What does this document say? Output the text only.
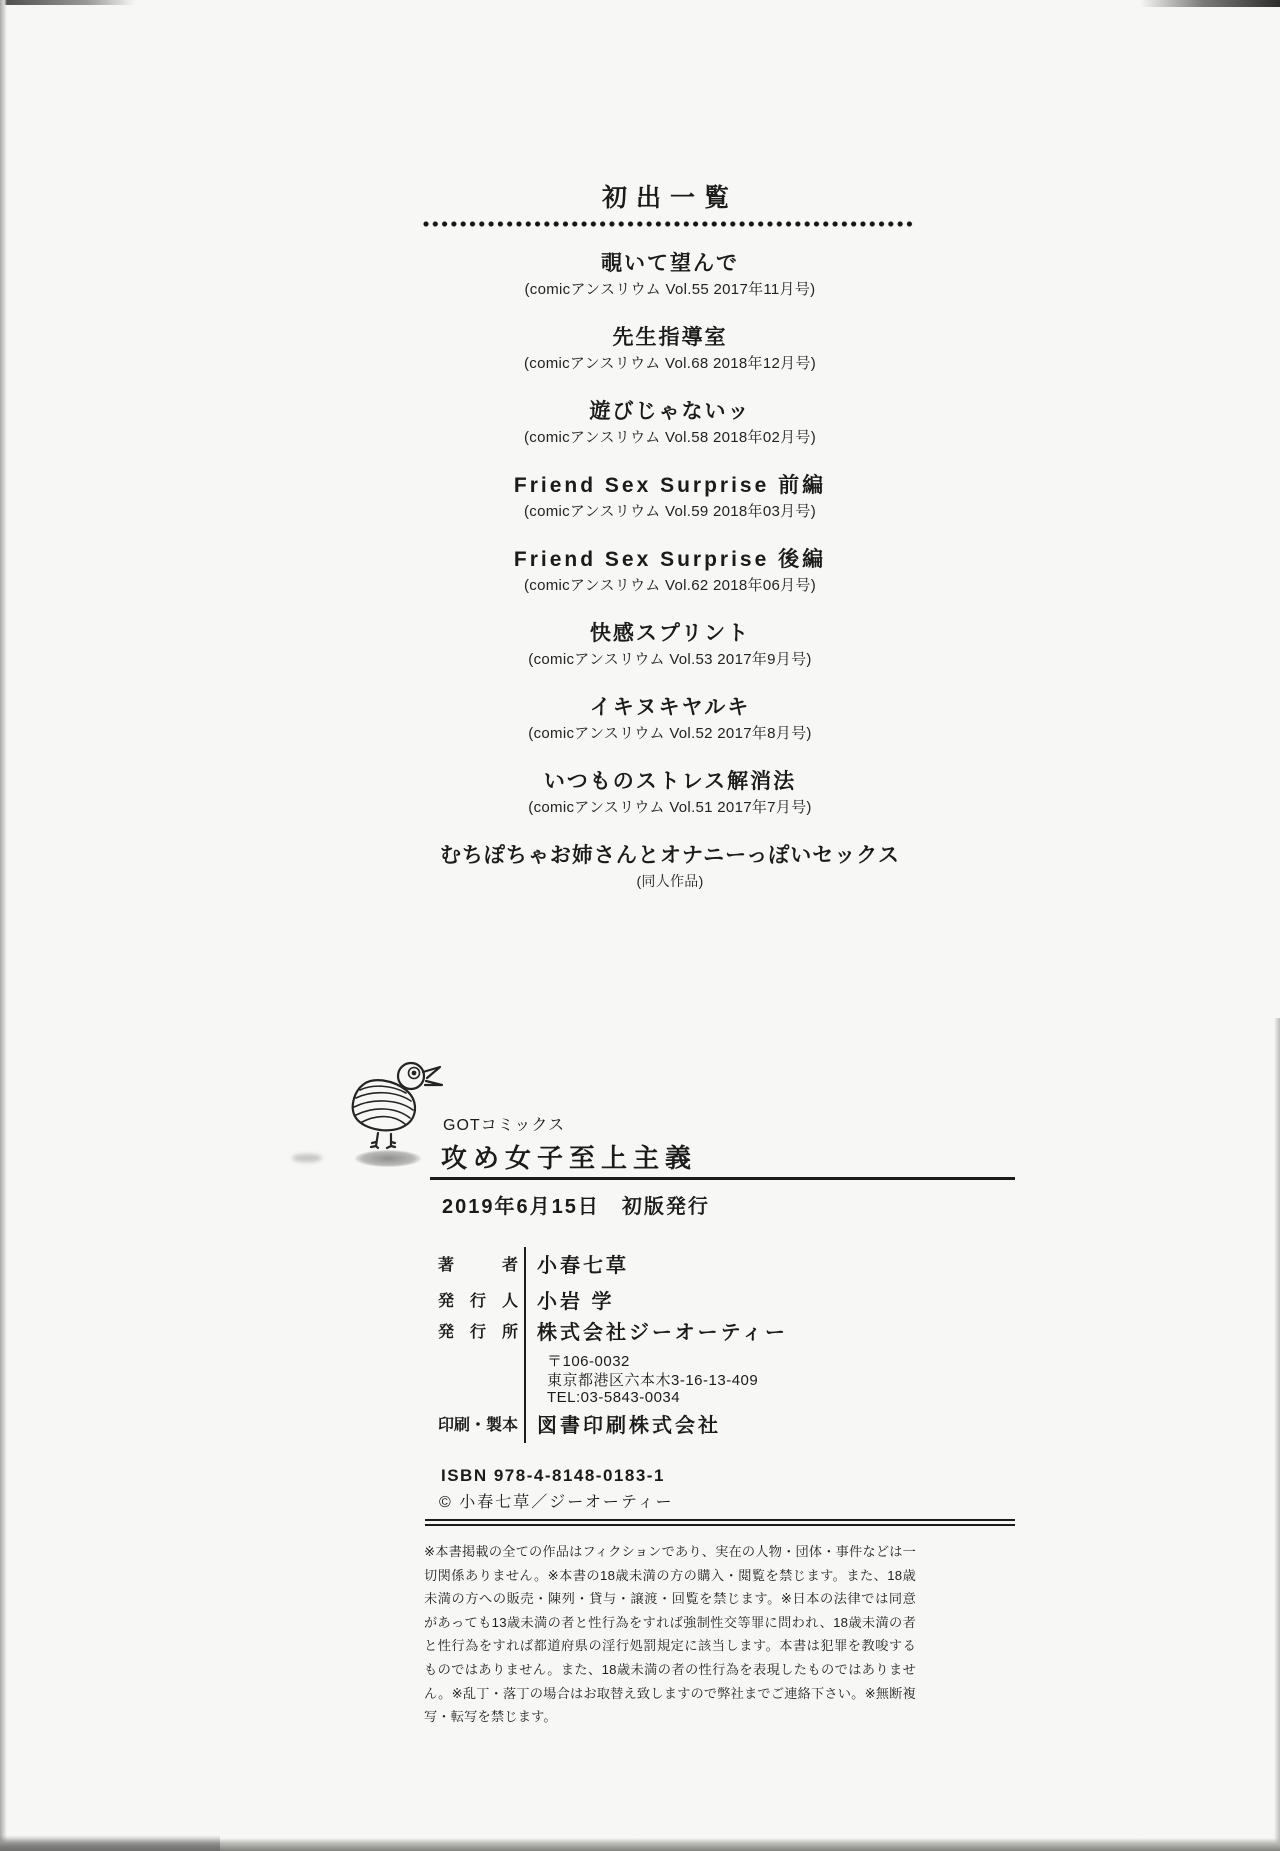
初出一覧
覗いて望んで
(comicアンスリウム Vol.55 2017年11月号)
先生指導室
(comicアンスリウム Vol.68 2018年12月号)
遊びじゃないッ
(comicアンスリウム Vol.58 2018年02月号)
Friend Sex Surprise 前編
(comicアンスリウム Vol.59 2018年03月号)
Friend Sex Surprise 後編
(comicアンスリウム Vol.62 2018年06月号)
快感スプリント
(comicアンスリウム Vol.53 2017年9月号)
イキヌキヤルキ
(comicアンスリウム Vol.52 2017年8月号)
いつものストレス解消法
(comicアンスリウム Vol.51 2017年7月号)
むちぽちゃお姉さんとオナニーっぽいセックス
(同人作品)
GOTコミックス
攻め女子至上主義
2019年6月15日　初版発行
著者 小春七草
発行人 小岩 学
発行所 株式会社ジーオーティー
〒106-0032
東京都港区六本木3-16-13-409
TEL:03-5843-0034
印刷・製本 図書印刷株式会社
ISBN 978-4-8148-0183-1
© 小春七草／ジーオーティー
※本書掲載の全ての作品はフィクションであり、実在の人物・団体・事件などは一切関係ありません。※本書の18歳未満の方の購入・閲覧を禁じます。また、18歳未満の方への販売・陳列・貸与・譲渡・回覧を禁じます。※日本の法律では同意があっても13歳未満の者と性行為をすれば強制性交等罪に問われ、18歳未満の者と性行為をすれば都道府県の淫行処罰規定に該当します。本書は犯罪を教唆するものではありません。また、18歳未満の者の性行為を表現したものではありません。※乱丁・落丁の場合はお取替え致しますので弊社までご連絡下さい。※無断複写・転写を禁じます。
